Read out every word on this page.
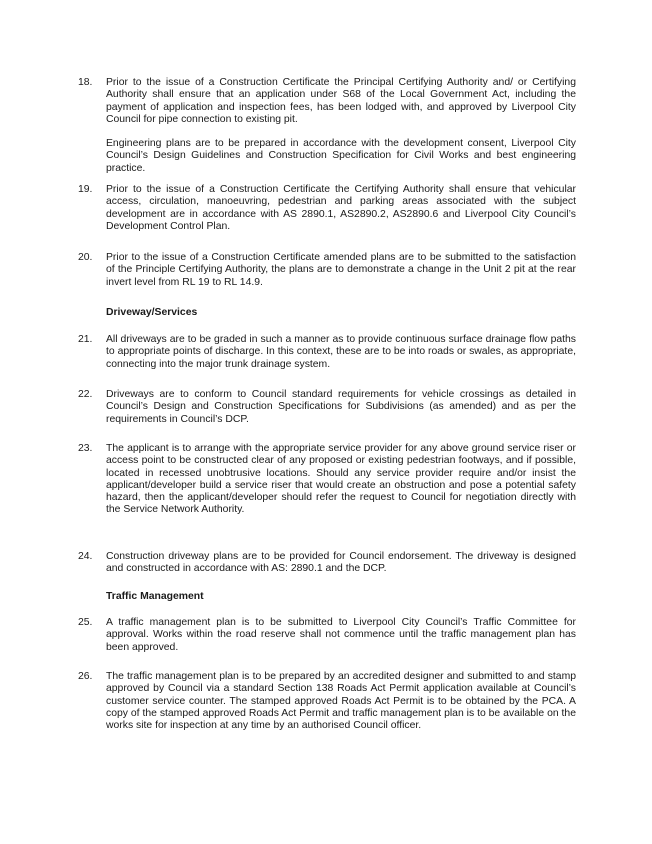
18.	Prior to the issue of a Construction Certificate the Principal Certifying Authority and/ or Certifying Authority shall ensure that an application under S68 of the Local Government Act, including the payment of application and inspection fees, has been lodged with, and approved by Liverpool City Council for pipe connection to existing pit.

Engineering plans are to be prepared in accordance with the development consent, Liverpool City Council’s Design Guidelines and Construction Specification for Civil Works and best engineering practice.

19.	Prior to the issue of a Construction Certificate the Certifying Authority shall ensure that vehicular access, circulation, manoeuvring, pedestrian and parking areas associated with the subject development are in accordance with AS 2890.1, AS2890.2, AS2890.6 and Liverpool City Council’s Development Control Plan.

20.	Prior to the issue of a Construction Certificate amended plans are to be submitted to the satisfaction of the Principle Certifying Authority, the plans are to demonstrate a change in the Unit 2 pit at the rear invert level from RL 19 to RL 14.9.

Driveway/Services
21.	All driveways are to be graded in such a manner as to provide continuous surface drainage flow paths to appropriate points of discharge. In this context, these are to be into roads or swales, as appropriate, connecting into the major trunk drainage system.

22.	Driveways are to conform to Council standard requirements for vehicle crossings as detailed in Council’s Design and Construction Specifications for Subdivisions (as amended) and as per the requirements in Council’s DCP.

23.	The applicant is to arrange with the appropriate service provider for any above ground service riser or access point to be constructed clear of any proposed or existing pedestrian footways, and if possible, located in recessed unobtrusive locations. Should any service provider require and/or insist the applicant/developer build a service riser that would create an obstruction and pose a potential safety hazard, then the applicant/developer should refer the request to Council for negotiation directly with the Service Network Authority.

24.	Construction driveway plans are to be provided for Council endorsement. The driveway is designed and constructed in accordance with AS: 2890.1 and the DCP.

Traffic Management
25.	A traffic management plan is to be submitted to Liverpool City Council’s Traffic Committee for approval. Works within the road reserve shall not commence until the traffic management plan has been approved.

26.	The traffic management plan is to be prepared by an accredited designer and submitted to and stamp approved by Council via a standard Section 138 Roads Act Permit application available at Council’s customer service counter. The stamped approved Roads Act Permit is to be obtained by the PCA. A copy of the stamped approved Roads Act Permit and traffic management plan is to be available on the works site for inspection at any time by an authorised Council officer.
